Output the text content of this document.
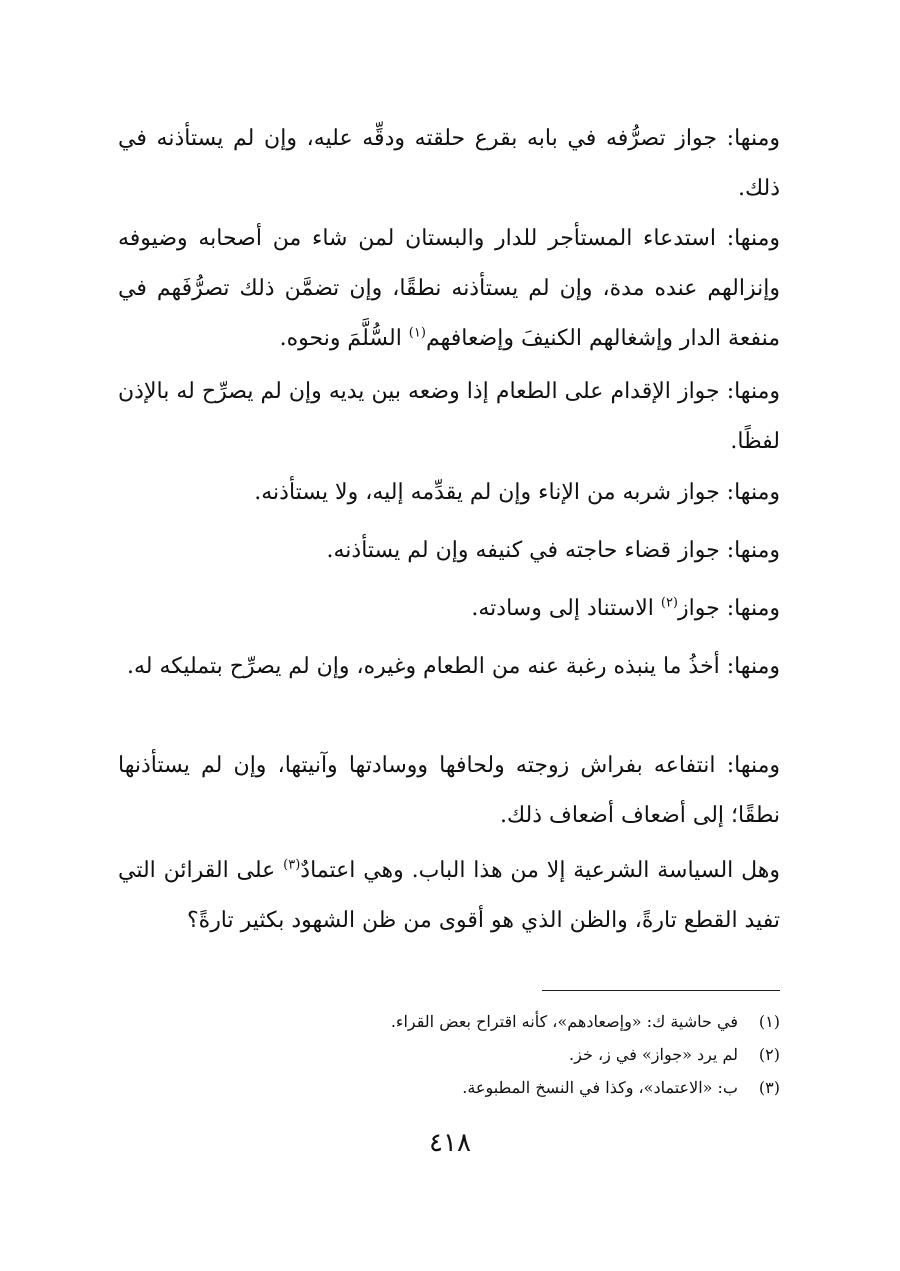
ومنها: جواز تصرُّفه في بابه بقرع حلقته ودقِّه عليه، وإن لم يستأذنه في ذلك.

ومنها: استدعاء المستأجر للدار والبستان لمن شاء من أصحابه وضيوفه وإنزالهم عنده مدة، وإن لم يستأذنه نطقًا، وإن تضمَّن ذلك تصرُّفَهم في منفعة الدار وإشغالهم الكنيفَ وإضعافهم$^{(١)}$ السُّلَّمَ ونحوه.

ومنها: جواز الإقدام على الطعام إذا وضعه بين يديه وإن لم يصرِّح له بالإذن لفظًا.

ومنها: جواز شربه من الإناء وإن لم يقدِّمه إليه، ولا يستأذنه.

ومنها: جواز قضاء حاجته في كنيفه وإن لم يستأذنه.

ومنها: جواز$^{(٢)}$ الاستناد إلى وسادته.

ومنها: أخذُ ما ينبذه رغبة عنه من الطعام وغيره، وإن لم يصرِّح بتمليكه له.

ومنها: انتفاعه بفراش زوجته ولحافها ووسادتها وآنيتها، وإن لم يستأذنها نطقًا؛ إلى أضعاف أضعاف ذلك.

وهل السياسة الشرعية إلا من هذا الباب. وهي اعتمادٌ$^{(٣)}$ على القرائن التي تفيد القطع تارةً، والظن الذي هو أقوى من ظن الشهود بكثير تارةً؟

(١)في حاشية ك: «وإصعادهم»، كأنه اقتراح بعض القراء.
(٢)لم يرد «جواز» في ز، خز.
(٣)ب: «الاعتماد»، وكذا في النسخ المطبوعة.
٤١٨
